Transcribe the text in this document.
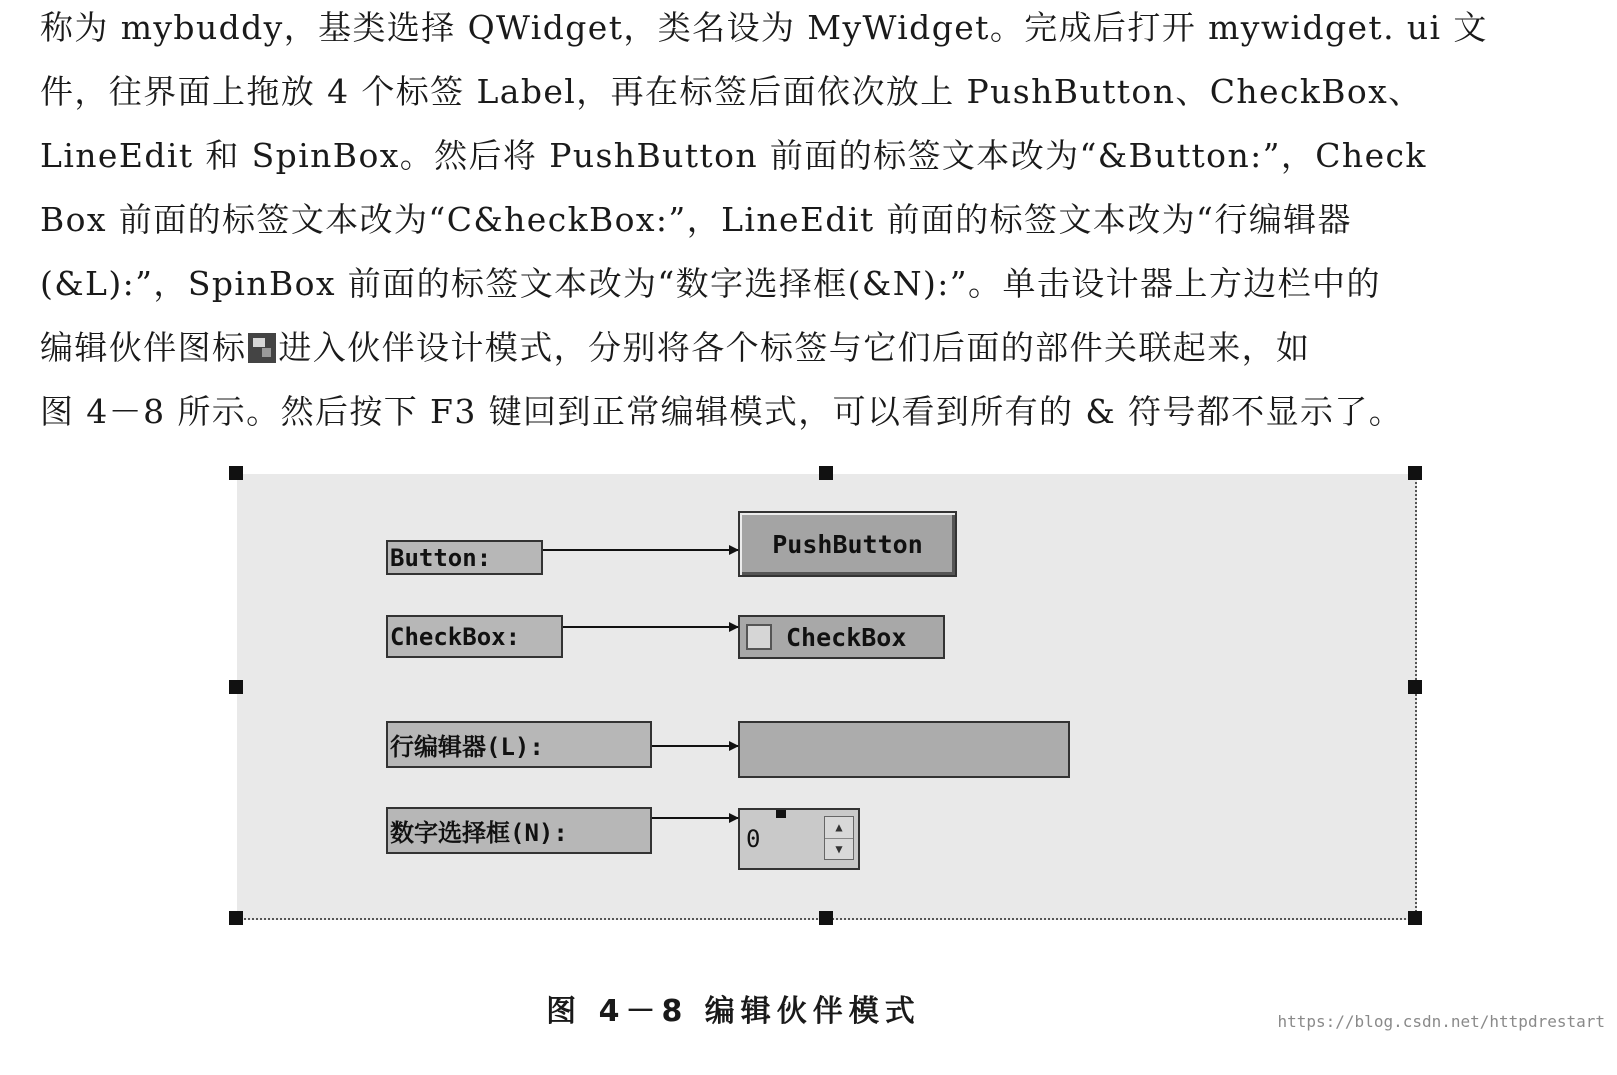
称为 mybuddy，基类选择 QWidget，类名设为 MyWidget。完成后打开 mywidget. ui 文
件，往界面上拖放 4 个标签 Label，再在标签后面依次放上 PushButton、CheckBox、
LineEdit 和 SpinBox。然后将 PushButton 前面的标签文本改为“&Button:”，Check
Box 前面的标签文本改为“C&heckBox:”，LineEdit 前面的标签文本改为“行编辑器
(&L):”，SpinBox 前面的标签文本改为“数字选择框(&N):”。单击设计器上方边栏中的
编辑伙伴图标 进入伙伴设计模式，分别将各个标签与它们后面的部件关联起来，如
图 4－8 所示。然后按下 F3 键回到正常编辑模式，可以看到所有的 & 符号都不显示了。
Button:
CheckBox:
行编辑器(L):
数字选择框(N):
PushButton
CheckBox
0	▲
▼
图 4－8 编辑伙伴模式	https://blog.csdn.net/httpdrestart
